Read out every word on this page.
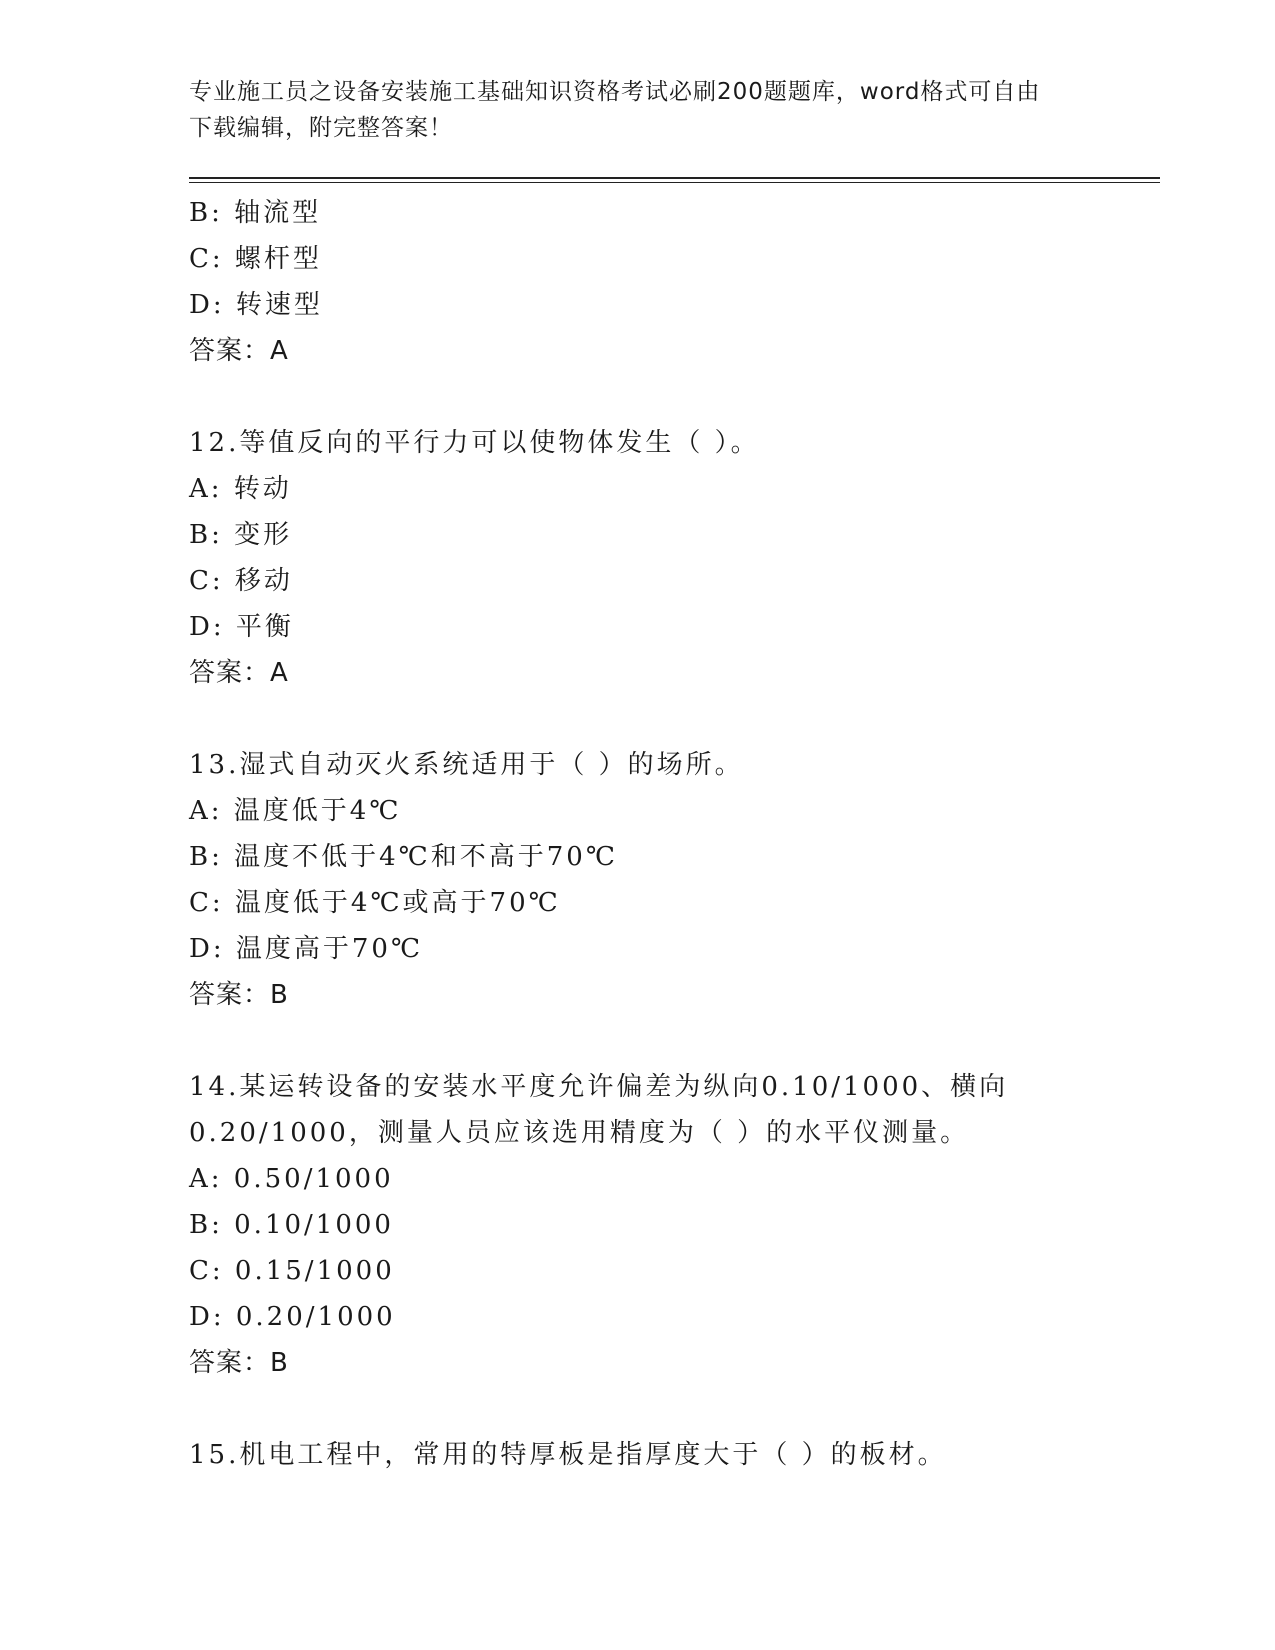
专业施工员之设备安装施工基础知识资格考试必刷200题题库，word格式可自由
下载编辑，附完整答案！
B: 轴流型
C: 螺杆型
D: 转速型
答案：A
12.等值反向的平行力可以使物体发生（ ）。
A: 转动
B: 变形
C: 移动
D: 平衡
答案：A
13.湿式自动灭火系统适用于（ ）的场所。
A: 温度低于4℃
B: 温度不低于4℃和不高于70℃
C: 温度低于4℃或高于70℃
D: 温度高于70℃
答案：B
14.某运转设备的安装水平度允许偏差为纵向0.10/1000、横向
0.20/1000，测量人员应该选用精度为（ ）的水平仪测量。
A: 0.50/1000
B: 0.10/1000
C: 0.15/1000
D: 0.20/1000
答案：B
15.机电工程中，常用的特厚板是指厚度大于（ ）的板材。
